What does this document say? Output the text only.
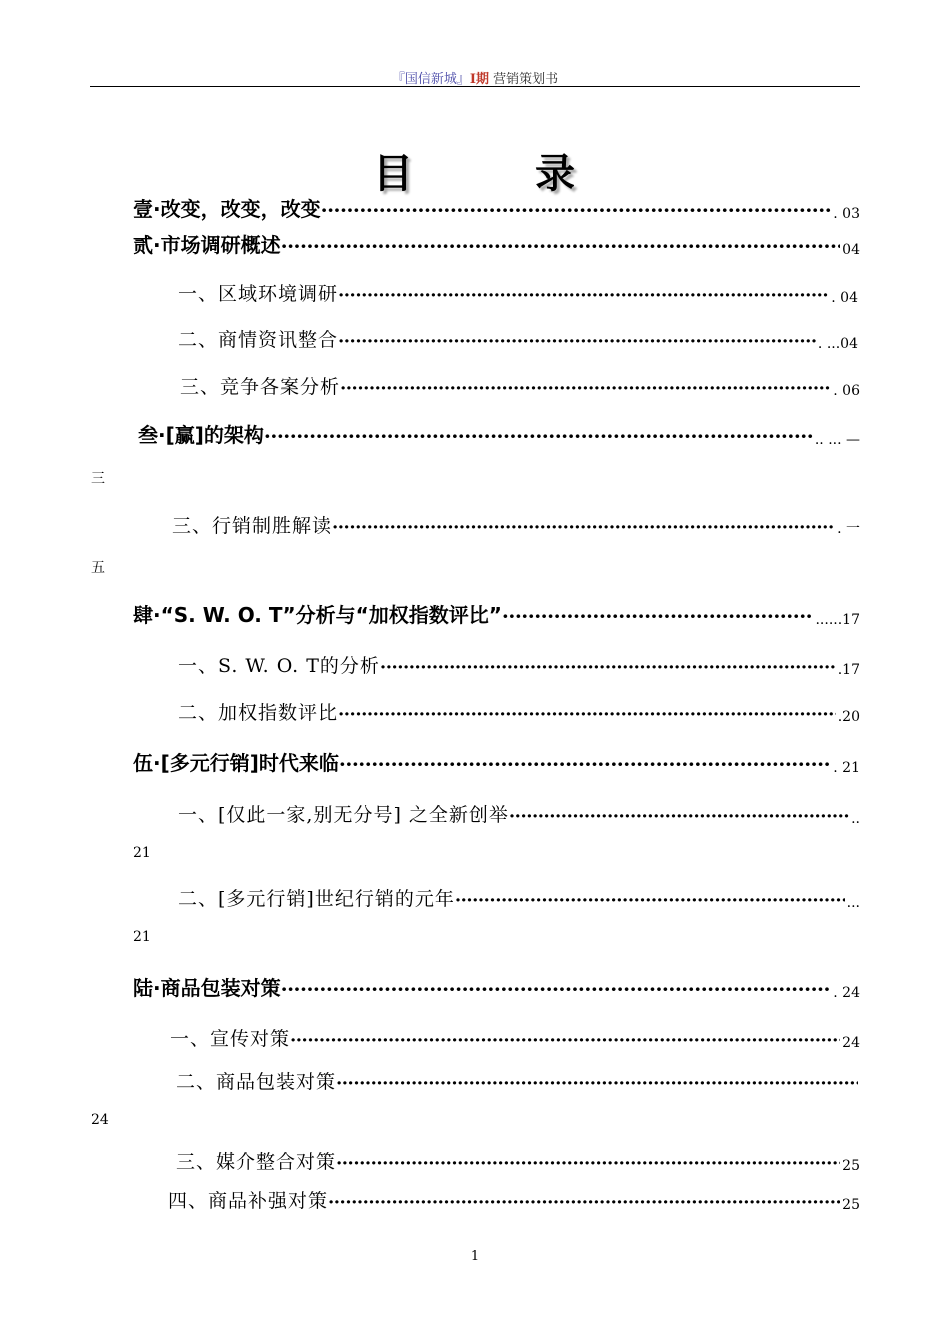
『国信新城』I期 营销策划书
目	录
壹·改变，改变，改变 ·····	. 03
贰·市场调研概述 ·····	04
一、区域环境调研 ·····	. 04
二、商情资讯整合 ·····	. ...04
三、竞争各案分析 ·····	. 06
叁·[赢]的架构 ·····	.. ... —
三
三、行销制胜解读 ·····	. 一
五
肆·“S. W. O. T”分析与“加权指数评比” ·····	......17
一、S. W. O. T的分析 ·····	.17
二、加权指数评比 ·····	.20
伍·[多元行销]时代来临 ·····	. 21
一、[仅此一家,别无分号] 之全新创举 ·····	..
21
二、[多元行销]世纪行销的元年 ·····	...
21
陆·商品包装对策 ·····	. 24
一、宣传对策 ·····	24
二、商品包装对策
·····
24
三、媒介整合对策 ·····	25
四、商品补强对策 ·····	25
1
